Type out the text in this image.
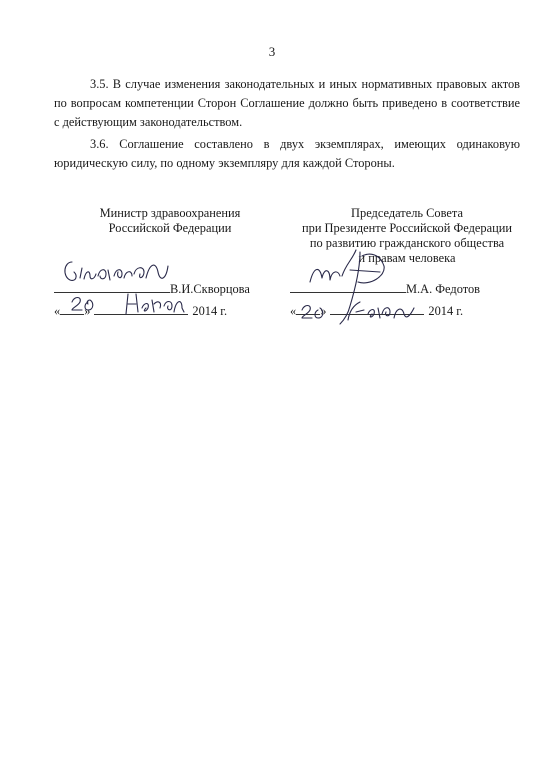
3

3.5. В случае изменения законодательных и иных нормативных правовых актов по вопросам компетенции Сторон Соглашение должно быть приведено в соответствие с действующим законодательством.

3.6. Соглашение составлено в двух экземплярах, имеющих одинаковую юридическую силу, по одному экземпляру для каждой Стороны.

Министр здравоохранения
Российской Федерации
Председатель Совета
при Президенте Российской Федерации
по развитию гражданского общества
и правам человека
В.И.Скворцова
« »	2014 г.
М.А. Федотов
« »	2014 г.
